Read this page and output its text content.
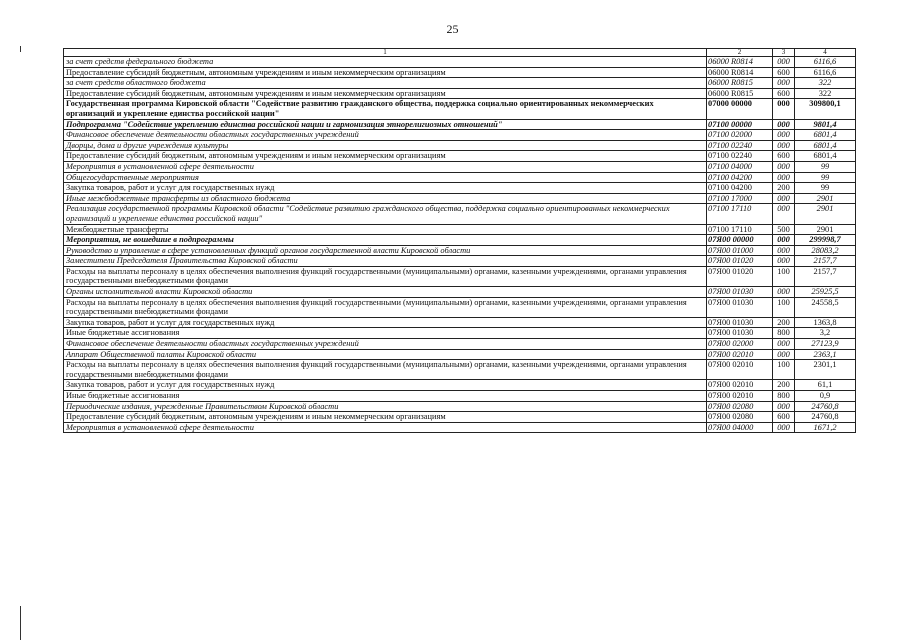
25
1	2	3	4
за счет средств федерального бюджета	06000 R0814	000	6116,6
Предоставление субсидий бюджетным, автономным учреждениям и иным некоммерческим организациям	06000 R0814	600	6116,6
за счет средств областного бюджета	06000 R0815	000	322
Предоставление субсидий бюджетным, автономным учреждениям и иным некоммерческим организациям	06000 R0815	600	322
Государственная программа Кировской области "Содействие развитию гражданского общества, поддержка социально ориентированных некоммерческих организаций и укрепление единства российской нации"	07000 00000	000	309800,1
Подпрограмма "Содействие укреплению единства российской нации и гармонизация этнорелигиозных отношений"	07100 00000	000	9801,4
Финансовое обеспечение деятельности областных государственных учреждений	07100 02000	000	6801,4
Дворцы, дома и другие учреждения культуры	07100 02240	000	6801,4
Предоставление субсидий бюджетным, автономным учреждениям и иным некоммерческим организациям	07100 02240	600	6801,4
Мероприятия в установленной сфере деятельности	07100 04000	000	99
Общегосударственные мероприятия	07100 04200	000	99
Закупка товаров, работ и услуг для государственных нужд	07100 04200	200	99
Иные межбюджетные трансферты из областного бюджета	07100 17000	000	2901
Реализация государственной программы Кировской области "Содействие развитию гражданского общества, поддержка социально ориентированных некоммерческих организаций и укрепление единства российской нации"	07100 17110	000	2901
Межбюджетные трансферты	07100 17110	500	2901
Мероприятия, не вошедшие в подпрограммы	07Я00 00000	000	299998,7
Руководство и управление в сфере установленных функций органов государственной власти Кировской области	07Я00 01000	000	28083,2
Заместители Председателя Правительства Кировской области	07Я00 01020	000	2157,7
Расходы на выплаты персоналу в целях обеспечения выполнения функций государственными (муниципальными) органами, казенными учреждениями, органами управления государственными внебюджетными фондами	07Я00 01020	100	2157,7
Органы исполнительной власти Кировской области	07Я00 01030	000	25925,5
Расходы на выплаты персоналу в целях обеспечения выполнения функций государственными (муниципальными) органами, казенными учреждениями, органами управления государственными внебюджетными фондами	07Я00 01030	100	24558,5
Закупка товаров, работ и услуг для государственных нужд	07Я00 01030	200	1363,8
Иные бюджетные ассигнования	07Я00 01030	800	3,2
Финансовое обеспечение деятельности областных государственных учреждений	07Я00 02000	000	27123,9
Аппарат Общественной палаты Кировской области	07Я00 02010	000	2363,1
Расходы на выплаты персоналу в целях обеспечения выполнения функций государственными (муниципальными) органами, казенными учреждениями, органами управления государственными внебюджетными фондами	07Я00 02010	100	2301,1
Закупка товаров, работ и услуг для государственных нужд	07Я00 02010	200	61,1
Иные бюджетные ассигнования	07Я00 02010	800	0,9
Периодические издания, учрежденные Правительством Кировской области	07Я00 02080	000	24760,8
Предоставление субсидий бюджетным, автономным учреждениям и иным некоммерческим организациям	07Я00 02080	600	24760,8
Мероприятия в установленной сфере деятельности	07Я00 04000	000	1671,2
